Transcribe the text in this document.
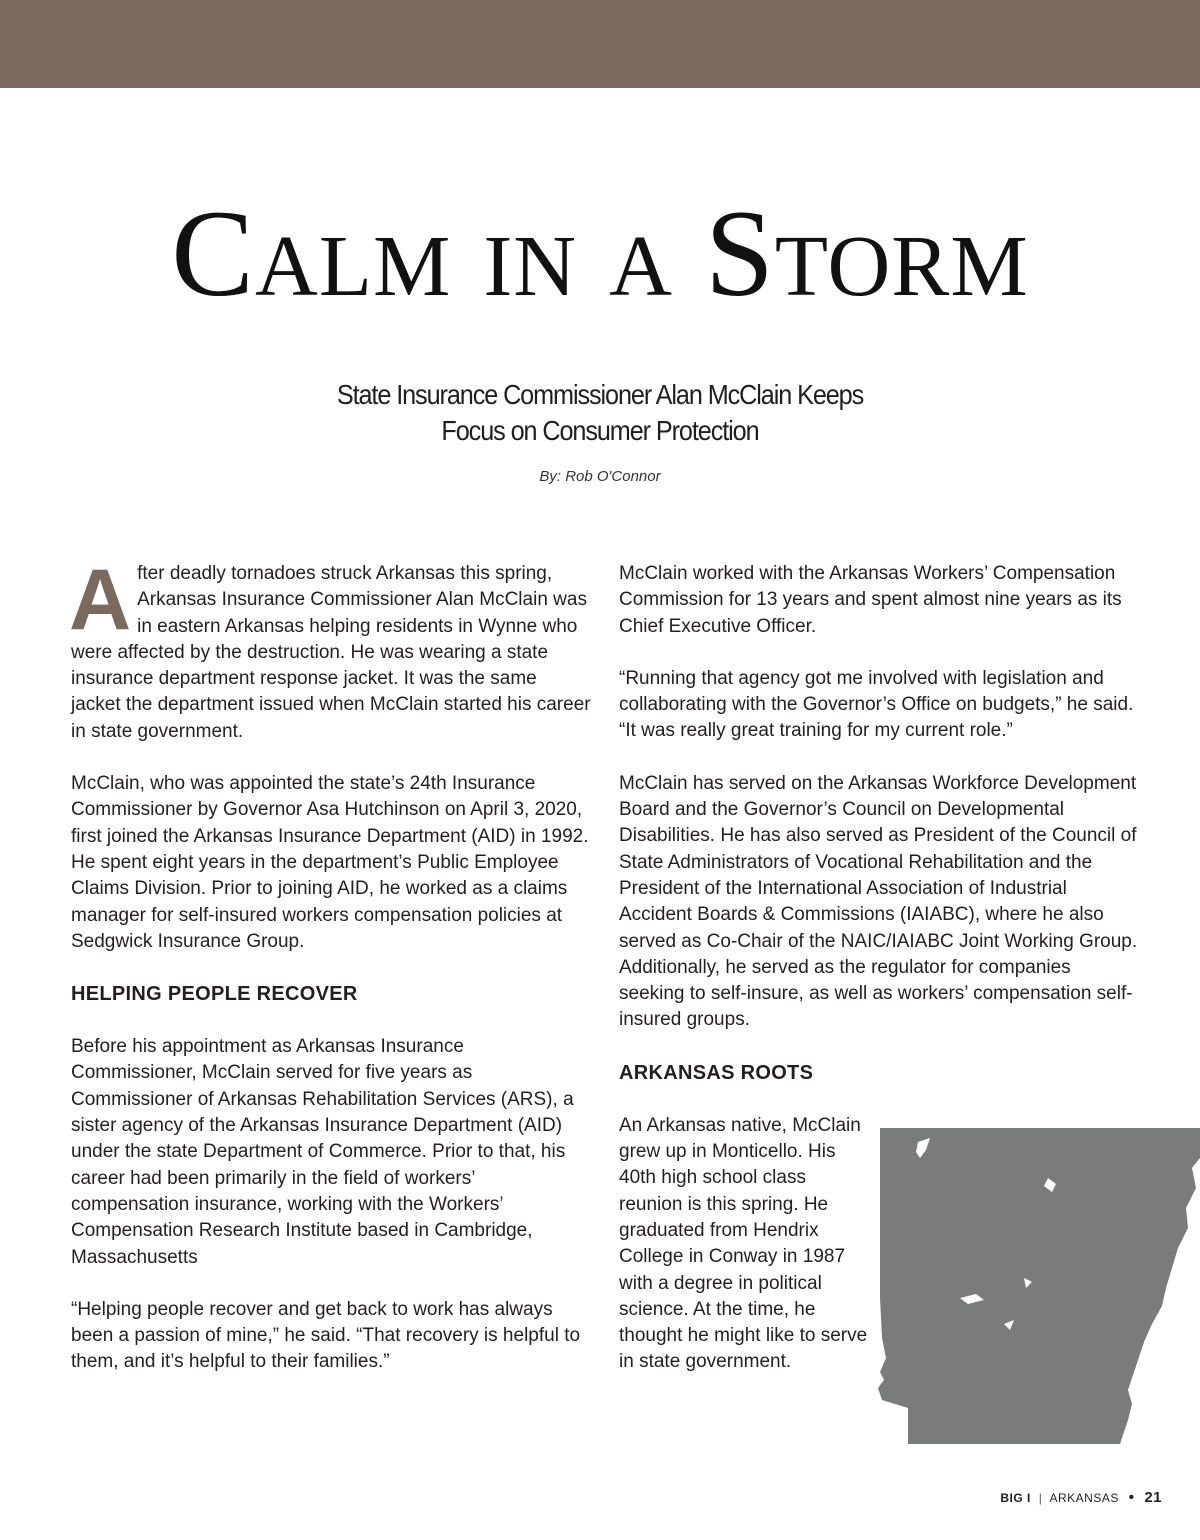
Calm in a Storm
State Insurance Commissioner Alan McClain Keeps
Focus on Consumer Protection
By: Rob O'Connor

After deadly tornadoes struck Arkansas this spring, Arkansas Insurance Commissioner Alan McClain was in eastern Arkansas helping residents in Wynne who were affected by the destruction. He was wearing a state insurance department response jacket. It was the same jacket the department issued when McClain started his career in state government.

McClain, who was appointed the state’s 24th Insurance Commissioner by Governor Asa Hutchinson on April 3, 2020, first joined the Arkansas Insurance Department (AID) in 1992. He spent eight years in the department’s Public Employee Claims Division. Prior to joining AID, he worked as a claims manager for self-insured workers compensation policies at Sedgwick Insurance Group.

HELPING PEOPLE RECOVER

Before his appointment as Arkansas Insurance Commissioner, McClain served for five years as Commissioner of Arkansas Rehabilitation Services (ARS), a sister agency of the Arkansas Insurance Department (AID) under the state Department of Commerce. Prior to that, his career had been primarily in the field of workers’ compensation insurance, working with the Workers’ Compensation Research Institute based in Cambridge, Massachusetts

“Helping people recover and get back to work has always been a passion of mine,” he said. “That recovery is helpful to them, and it’s helpful to their families.”

McClain worked with the Arkansas Workers’ Compensation Commission for 13 years and spent almost nine years as its Chief Executive Officer.

“Running that agency got me involved with legislation and collaborating with the Governor’s Office on budgets,” he said. “It was really great training for my current role.”

McClain has served on the Arkansas Workforce Development Board and the Governor’s Council on Developmental Disabilities. He has also served as President of the Council of State Administrators of Vocational Rehabilitation and the President of the International Association of Industrial Accident Boards & Commissions (IAIABC), where he also served as Co-Chair of the NAIC/IAIABC Joint Working Group. Additionally, he served as the regulator for companies seeking to self-insure, as well as workers’ compensation self-insured groups.

ARKANSAS ROOTS

An Arkansas native, McClain grew up in Monticello. His 40th high school class reunion is this spring. He graduated from Hendrix College in Conway in 1987 with a degree in political science. At the time, he thought he might like to serve in state government.

BIG I | ARKANSAS • 21
